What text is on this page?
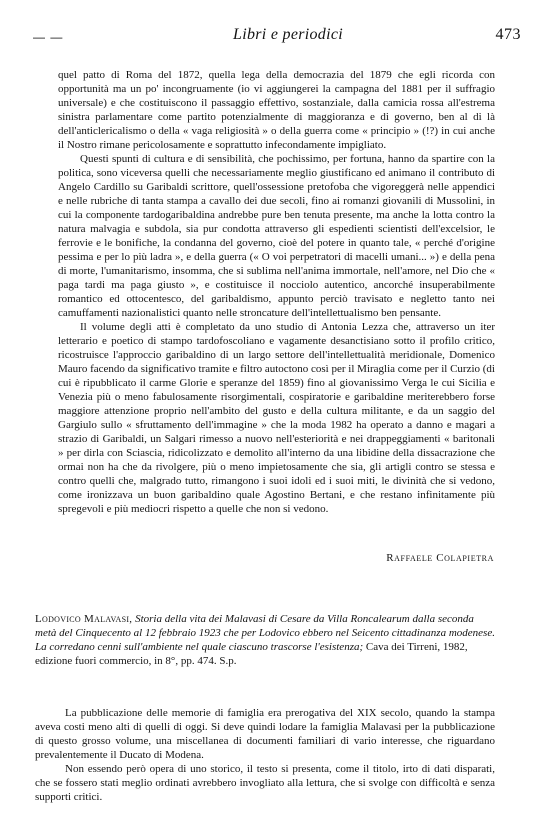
— —	Libri e periodici	473

quel patto di Roma del 1872, quella lega della democrazia del 1879 che egli ricorda con opportunità ma un po' incongruamente (io vi aggiungerei la campagna del 1881 per il suffragio universale) e che costituiscono il passaggio effettivo, sostanziale, dalla camicia rossa all'estrema sinistra parlamentare come partito potenzialmente di maggioranza e di governo, ben al di là dell'anticlericalismo o della « vaga religiosità » o della guerra come « principio » (!?) in cui anche il Nostro rimane pericolosamente e soprattutto infecondamente impigliato.

Questi spunti di cultura e di sensibilità, che pochissimo, per fortuna, hanno da spartire con la politica, sono viceversa quelli che necessariamente meglio giustificano ed animano il contributo di Angelo Cardillo su Garibaldi scrittore, quell'ossessione pretofoba che vigoreggerà nelle appendici e nelle rubriche di tanta stampa a cavallo dei due secoli, fino ai romanzi giovanili di Mussolini, in cui la componente tardogaribaldina andrebbe pure ben tenuta presente, ma anche la lotta contro la natura malvagia e subdola, sia pur condotta attraverso gli espedienti scientisti dell'excelsior, le ferrovie e le bonifiche, la condanna del governo, cioè del potere in quanto tale, « perché d'origine pessima e per lo più ladra », e della guerra (« O voi perpetratori di macelli umani... ») e della pena di morte, l'umanitarismo, insomma, che si sublima nell'anima immortale, nell'amore, nel Dio che « paga tardi ma paga giusto », e costituisce il nocciolo autentico, ancorché insuperabilmente romantico ed ottocentesco, del garibaldismo, appunto perciò travisato e negletto tanto nei camuffamenti nazionalistici quanto nelle stroncature dell'intellettualismo ben pensante.

Il volume degli atti è completato da uno studio di Antonia Lezza che, attraverso un iter letterario e poetico di stampo tardofoscoliano e vagamente desanctisiano sotto il profilo critico, ricostruisce l'approccio garibaldino di un largo settore dell'intellettualità meridionale, Domenico Mauro facendo da significativo tramite e filtro autoctono così per il Miraglia come per il Curzio (di cui è ripubblicato il carme Glorie e speranze del 1859) fino al giovanissimo Verga le cui Sicilia e Venezia più o meno fabulosamente risorgimentali, cospiratorie e garibaldine meriterebbero forse maggiore attenzione proprio nell'ambito del gusto e della cultura militante, e da un saggio del Gargiulo sullo « sfruttamento dell'immagine » che la moda 1982 ha operato a danno e magari a strazio di Garibaldi, un Salgari rimesso a nuovo nell'esteriorità e nei drappeggiamenti « baritonali » per dirla con Sciascia, ridicolizzato e demolito all'interno da una libidine della dissacrazione che ormai non ha che da rivolgere, più o meno impietosamente che sia, gli artigli contro se stessa e contro quelli che, malgrado tutto, rimangono i suoi idoli ed i suoi miti, le divinità che si vedono, come ironizzava un buon garibaldino quale Agostino Bertani, e che restano infinitamente più spregevoli e più mediocri rispetto a quelle che non si vedono.

Raffaele Colapietra
Lodovico Malavasi, Storia della vita dei Malavasi di Cesare da Villa Roncalearum dalla seconda metà del Cinquecento al 12 febbraio 1923 che per Lodovico ebbero nel Seicento cittadinanza modenese. La corredano cenni sull'ambiente nel quale ciascuno trascorse l'esistenza; Cava dei Tirreni, 1982, edizione fuori commercio, in 8°, pp. 474. S.p.

La pubblicazione delle memorie di famiglia era prerogativa del XIX secolo, quando la stampa aveva costi meno alti di quelli di oggi. Si deve quindi lodare la famiglia Malavasi per la pubblicazione di questo grosso volume, una miscellanea di documenti familiari di vario interesse, che riguardano prevalentemente il Ducato di Modena.

Non essendo però opera di uno storico, il testo si presenta, come il titolo, irto di dati disparati, che se fossero stati meglio ordinati avrebbero invogliato alla lettura, che si svolge con difficoltà e senza supporti critici.
